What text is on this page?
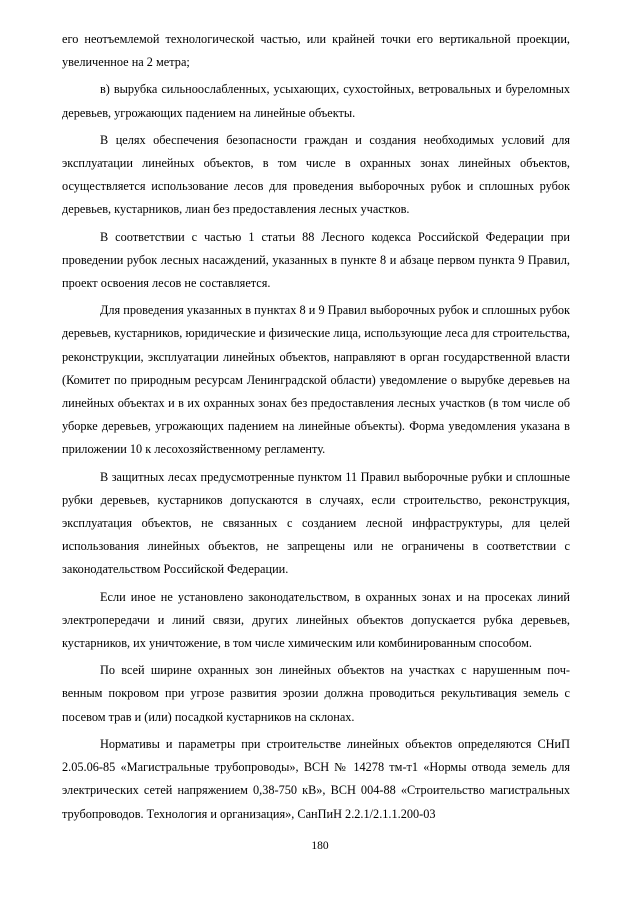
его неотъемлемой технологической частью, или крайней точки его вертикальной проекции, увеличенное на 2 метра;

в) вырубка сильноослабленных, усыхающих, сухостойных, ветровальных и буреломных деревьев, угрожающих падением на линейные объекты.

В целях обеспечения безопасности граждан и создания необходимых условий для эксплуатации линейных объектов, в том числе в охранных зонах линейных объектов, осуществляется использование лесов для проведения выборочных рубок и сплошных рубок деревьев, кустарников, лиан без предоставления лесных участков.

В соответствии с частью 1 статьи 88 Лесного кодекса Российской Федерации при проведении рубок лесных насаждений, указанных в пункте 8 и абзаце первом пункта 9 Правил, проект освоения лесов не составляется.

Для проведения указанных в пунктах 8 и 9 Правил выборочных рубок и сплошных рубок деревьев, кустарников, юридические и физические лица, использующие леса для строительства, реконструкции, эксплуатации линейных объектов, направляют в орган государственной власти (Комитет по природным ресурсам Ленинградской области) уведомление о вырубке деревьев на линейных объектах и в их охранных зонах без предоставления лесных участков (в том числе об уборке деревьев, угрожающих падением на линейные объекты). Форма уведомления указана в приложении 10 к лесохозяйственному регламенту.

В защитных лесах предусмотренные пунктом 11 Правил выборочные рубки и сплошные рубки деревьев, кустарников допускаются в случаях, если строительство, реконструкция, эксплуатация объектов, не связанных с созданием лесной инфраструктуры, для целей использования линейных объектов, не запрещены или не ограничены в соответствии с законодательством Российской Федерации.

Если иное не установлено законодательством, в охранных зонах и на просеках линий электропередачи и линий связи, других линейных объектов допускается рубка деревьев, кустарников, их уничтожение, в том числе химическим или комбинированным способом.

По всей ширине охранных зон линейных объектов на участках с нарушенным почвенным покровом при угрозе развития эрозии должна проводиться рекультивация земель с посевом трав и (или) посадкой кустарников на склонах.

Нормативы и параметры при строительстве линейных объектов определяются СНиП 2.05.06-85 «Магистральные трубопроводы», ВСН № 14278 тм-т1 «Нормы отвода земель для электрических сетей напряжением 0,38-750 кВ», ВСН 004-88 «Строительство магистральных трубопроводов. Технология и организация», СанПиН 2.2.1/2.1.1.200-03

180
